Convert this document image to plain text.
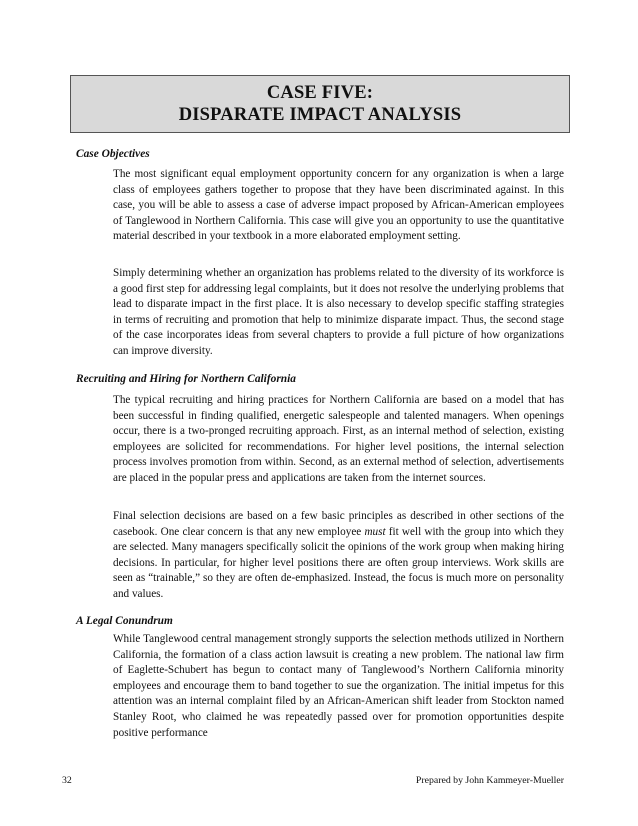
CASE FIVE:
DISPARATE IMPACT ANALYSIS
Case Objectives

The most significant equal employment opportunity concern for any organization is when a large class of employees gathers together to propose that they have been discriminated against. In this case, you will be able to assess a case of adverse impact proposed by African-American employees of Tanglewood in Northern California. This case will give you an opportunity to use the quantitative material described in your textbook in a more elaborated employment setting.

Simply determining whether an organization has problems related to the diversity of its workforce is a good first step for addressing legal complaints, but it does not resolve the underlying problems that lead to disparate impact in the first place. It is also necessary to develop specific staffing strategies in terms of recruiting and promotion that help to minimize disparate impact. Thus, the second stage of the case incorporates ideas from several chapters to provide a full picture of how organizations can improve diversity.

Recruiting and Hiring for Northern California

The typical recruiting and hiring practices for Northern California are based on a model that has been successful in finding qualified, energetic salespeople and talented managers. When openings occur, there is a two-pronged recruiting approach. First, as an internal method of selection, existing employees are solicited for recommendations. For higher level positions, the internal selection process involves promotion from within. Second, as an external method of selection, advertisements are placed in the popular press and applications are taken from the internet sources.

Final selection decisions are based on a few basic principles as described in other sections of the casebook. One clear concern is that any new employee must fit well with the group into which they are selected. Many managers specifically solicit the opinions of the work group when making hiring decisions. In particular, for higher level positions there are often group interviews. Work skills are seen as “trainable,” so they are often de-emphasized. Instead, the focus is much more on personality and values.

A Legal Conundrum

While Tanglewood central management strongly supports the selection methods utilized in Northern California, the formation of a class action lawsuit is creating a new problem. The national law firm of Eaglette-Schubert has begun to contact many of Tanglewood’s Northern California minority employees and encourage them to band together to sue the organization. The initial impetus for this attention was an internal complaint filed by an African-American shift leader from Stockton named Stanley Root, who claimed he was repeatedly passed over for promotion opportunities despite positive performance

32	Prepared by John Kammeyer-Mueller
